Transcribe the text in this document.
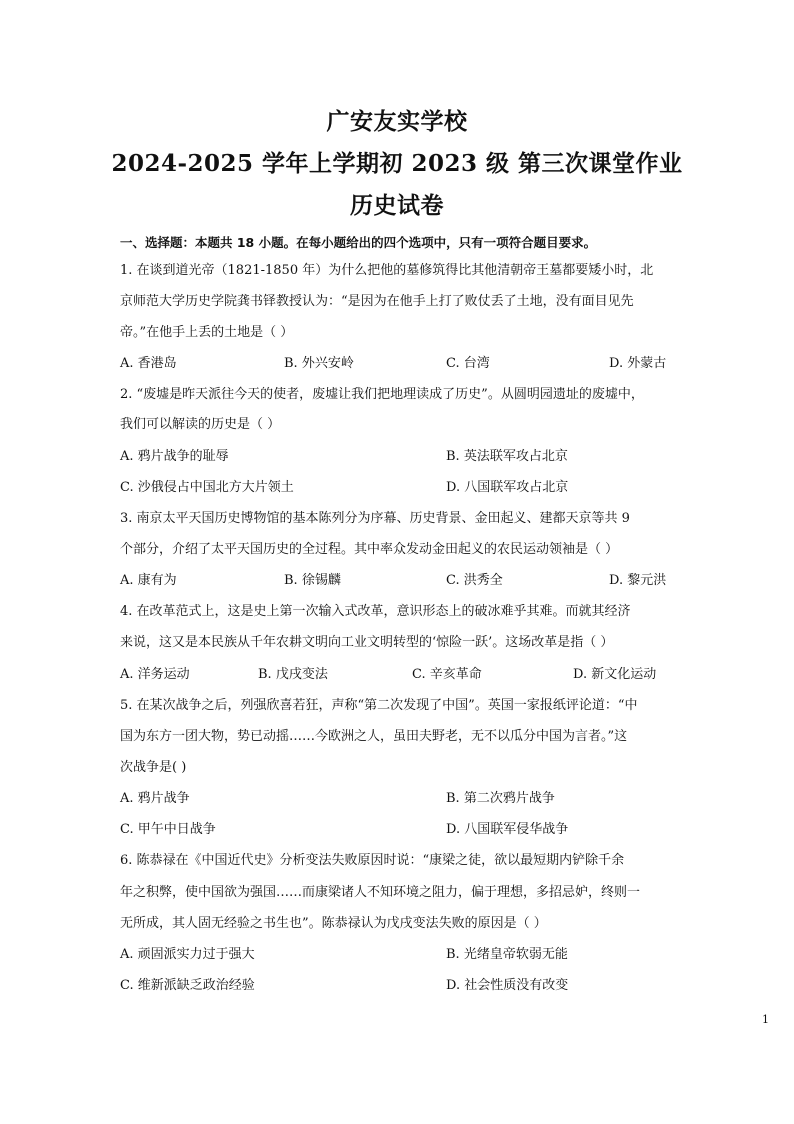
广安友实学校
2024-2025 学年上学期初 2023 级 第三次课堂作业
历史试卷
一、选择题：本题共 18 小题。在每小题给出的四个选项中，只有一项符合题目要求。
1. 在谈到道光帝（1821-1850 年）为什么把他的墓修筑得比其他清朝帝王墓都要矮小时，北
京师范大学历史学院龚书铎教授认为：“是因为在他手上打了败仗丢了土地，没有面目见先
帝。”在他手上丢的土地是（ ）
A. 香港岛	B. 外兴安岭	C. 台湾	D. 外蒙古
2. “废墟是昨天派往今天的使者，废墟让我们把地理读成了历史”。从圆明园遗址的废墟中，
我们可以解读的历史是（ ）
A. 鸦片战争的耻辱	B. 英法联军攻占北京
C. 沙俄侵占中国北方大片领土	D. 八国联军攻占北京
3. 南京太平天国历史博物馆的基本陈列分为序幕、历史背景、金田起义、建都天京等共 9
个部分，介绍了太平天国历史的全过程。其中率众发动金田起义的农民运动领袖是（ ）
A. 康有为	B. 徐锡麟	C. 洪秀全	D. 黎元洪
4. 在改革范式上，这是史上第一次输入式改革，意识形态上的破冰难乎其难。而就其经济
来说，这又是本民族从千年农耕文明向工业文明转型的‘惊险一跃’。这场改革是指（ ）
A. 洋务运动	B. 戊戌变法	C. 辛亥革命	D. 新文化运动
5. 在某次战争之后，列强欣喜若狂，声称“第二次发现了中国”。英国一家报纸评论道：“中
国为东方一团大物，势已动摇……今欧洲之人，虽田夫野老，无不以瓜分中国为言者。”这
次战争是( )
A. 鸦片战争	B. 第二次鸦片战争
C. 甲午中日战争	D. 八国联军侵华战争
6. 陈恭禄在《中国近代史》分析变法失败原因时说：“康梁之徒，欲以最短期内铲除千余
年之积弊，使中国欲为强国……而康梁诸人不知环境之阻力，偏于理想，多招忌妒，终则一
无所成，其人固无经验之书生也”。陈恭禄认为戊戌变法失败的原因是（ ）
A. 顽固派实力过于强大	B. 光绪皇帝软弱无能
C. 维新派缺乏政治经验	D. 社会性质没有改变
1
